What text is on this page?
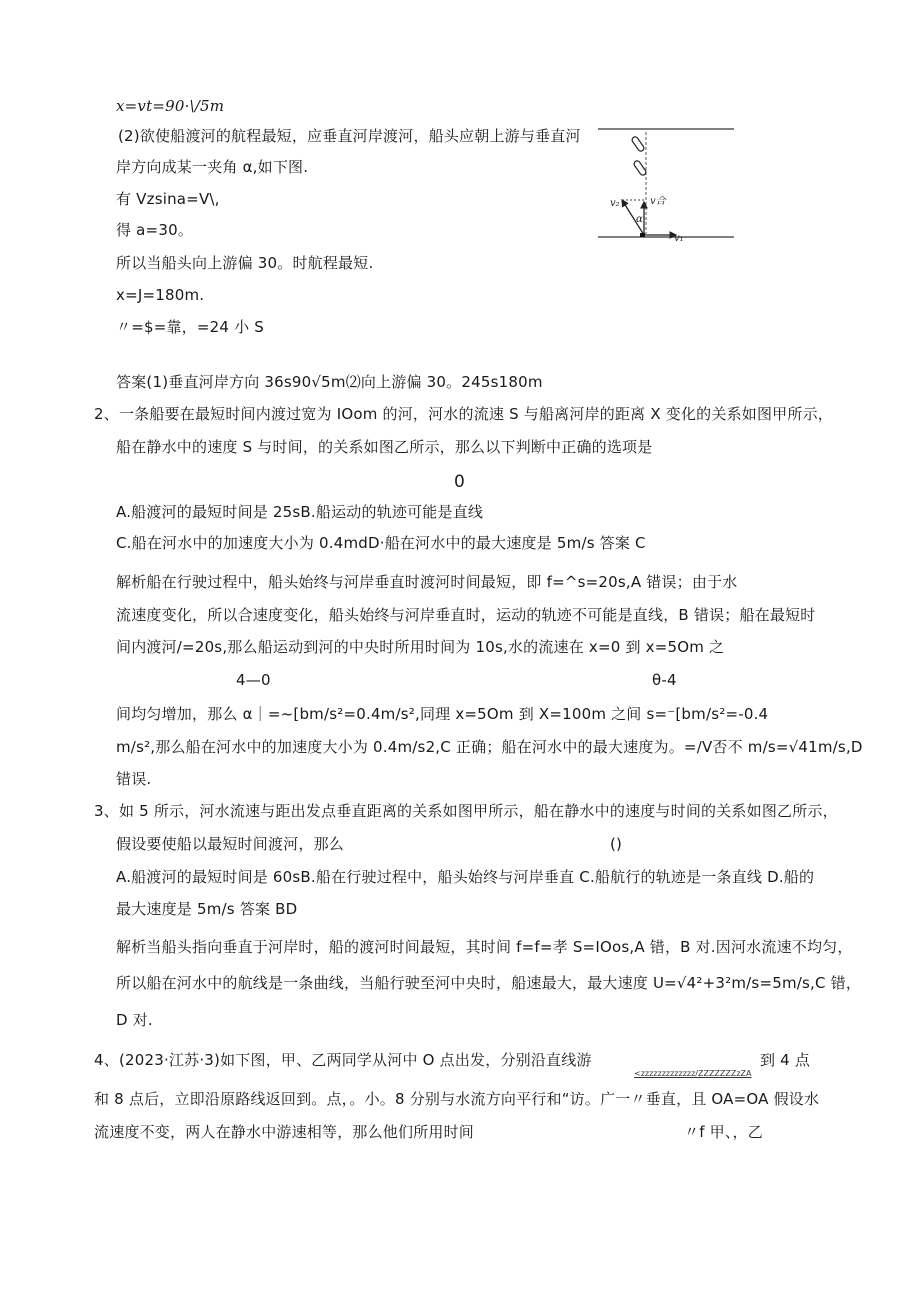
x=vt=90·\/5m
(2)欲使船渡河的航程最短，应垂直河岸渡河，船头应朝上游与垂直河
岸方向成某一夹角 α,如下图.
有 Vzsina=V\,
得 a=30。
所以当船头向上游偏 30。时航程最短.
x=J=180m.
〃=$=靠，=24 小 S
答案(1)垂直河岸方向 36s90√5m⑵向上游偏 30。245s180m
v₂	v合
α
v₁
2、一条船要在最短时间内渡过宽为 IOom 的河，河水的流速 S 与船离河岸的距离 X 变化的关系如图甲所示，
船在静水中的速度 S 与时间，的关系如图乙所示，那么以下判断中正确的选项是
0
A.船渡河的最短时间是 25sB.船运动的轨迹可能是直线
C.船在河水中的加速度大小为 0.4mdD·船在河水中的最大速度是 5m/s 答案 C
解析船在行驶过程中，船头始终与河岸垂直时渡河时间最短，即 f=^s=20s,A 错误；由于水
流速度变化，所以合速度变化，船头始终与河岸垂直时，运动的轨迹不可能是直线，B 错误；船在最短时
间内渡河/=20s,那么船运动到河的中央时所用时间为 10s,水的流速在 x=0 到 x=5Om 之
4—0	θ-4
间均匀增加，那么 α｜=~[bm/s²=0.4m∕s²,同理 x=5Om 到 X=100m 之间 s=⁻[bm/s²=-0.4
m∕s²,那么船在河水中的加速度大小为 0.4m/s2,C 正确；船在河水中的最大速度为。=∕V否不 m/s=√41m/s,D
错误.
3、如 5 所示，河水流速与距出发点垂直距离的关系如图甲所示，船在静水中的速度与时间的关系如图乙所示，
假设要使船以最短时间渡河，那么	()
A.船渡河的最短时间是 60sB.船在行驶过程中，船头始终与河岸垂直 C.船航行的轨迹是一条直线 D.船的
最大速度是 5m/s 答案 BD
解析当船头指向垂直于河岸时，船的渡河时间最短，其时间 f=f=孝 S=IOos,A 错，B 对.因河水流速不均匀，
所以船在河水中的航线是一条曲线，当船行驶至河中央时，船速最大，最大速度 U=√4²+3²m/s=5m/s,C 错，
D 对.
4、(2023·江苏·3)如下图，甲、乙两同学从河中 O 点出发，分别沿直线游
<zzzzzzzzzzzzz/ZZZZZZZzZA
到 4 点
和 8 点后，立即沿原路线返回到。点，。小。8 分别与水流方向平行和“访。广一〃垂直，且 OA=OA 假设水
流速度不变，两人在静水中游速相等，那么他们所用时间	〃f 甲、，乙
